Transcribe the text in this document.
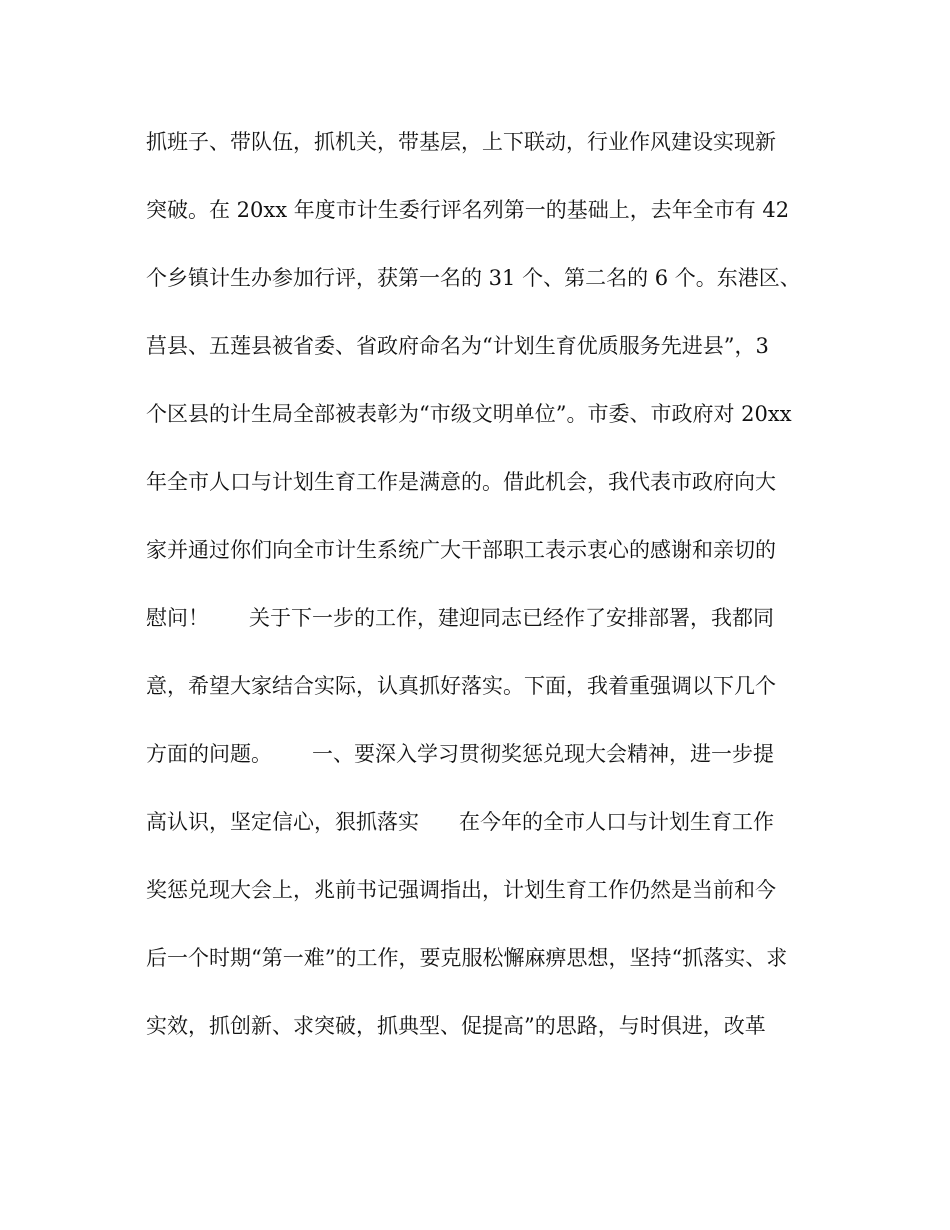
抓班子、带队伍，抓机关，带基层，上下联动，行业作风建设实现新
突破。在 20xx 年度市计生委行评名列第一的基础上，去年全市有 42
个乡镇计生办参加行评，获第一名的 31 个、第二名的 6 个。东港区、
莒县、五莲县被省委、省政府命名为“计划生育优质服务先进县”，3
个区县的计生局全部被表彰为“市级文明单位”。市委、市政府对 20xx
年全市人口与计划生育工作是满意的。借此机会，我代表市政府向大
家并通过你们向全市计生系统广大干部职工表示衷心的感谢和亲切的
慰问！      关于下一步的工作，建迎同志已经作了安排部署，我都同
意，希望大家结合实际，认真抓好落实。下面，我着重强调以下几个
方面的问题。      一、要深入学习贯彻奖惩兑现大会精神，进一步提
高认识，坚定信心，狠抓落实      在今年的全市人口与计划生育工作
奖惩兑现大会上，兆前书记强调指出，计划生育工作仍然是当前和今
后一个时期“第一难”的工作，要克服松懈麻痹思想，坚持“抓落实、求
实效，抓创新、求突破，抓典型、促提高”的思路，与时俱进，改革
